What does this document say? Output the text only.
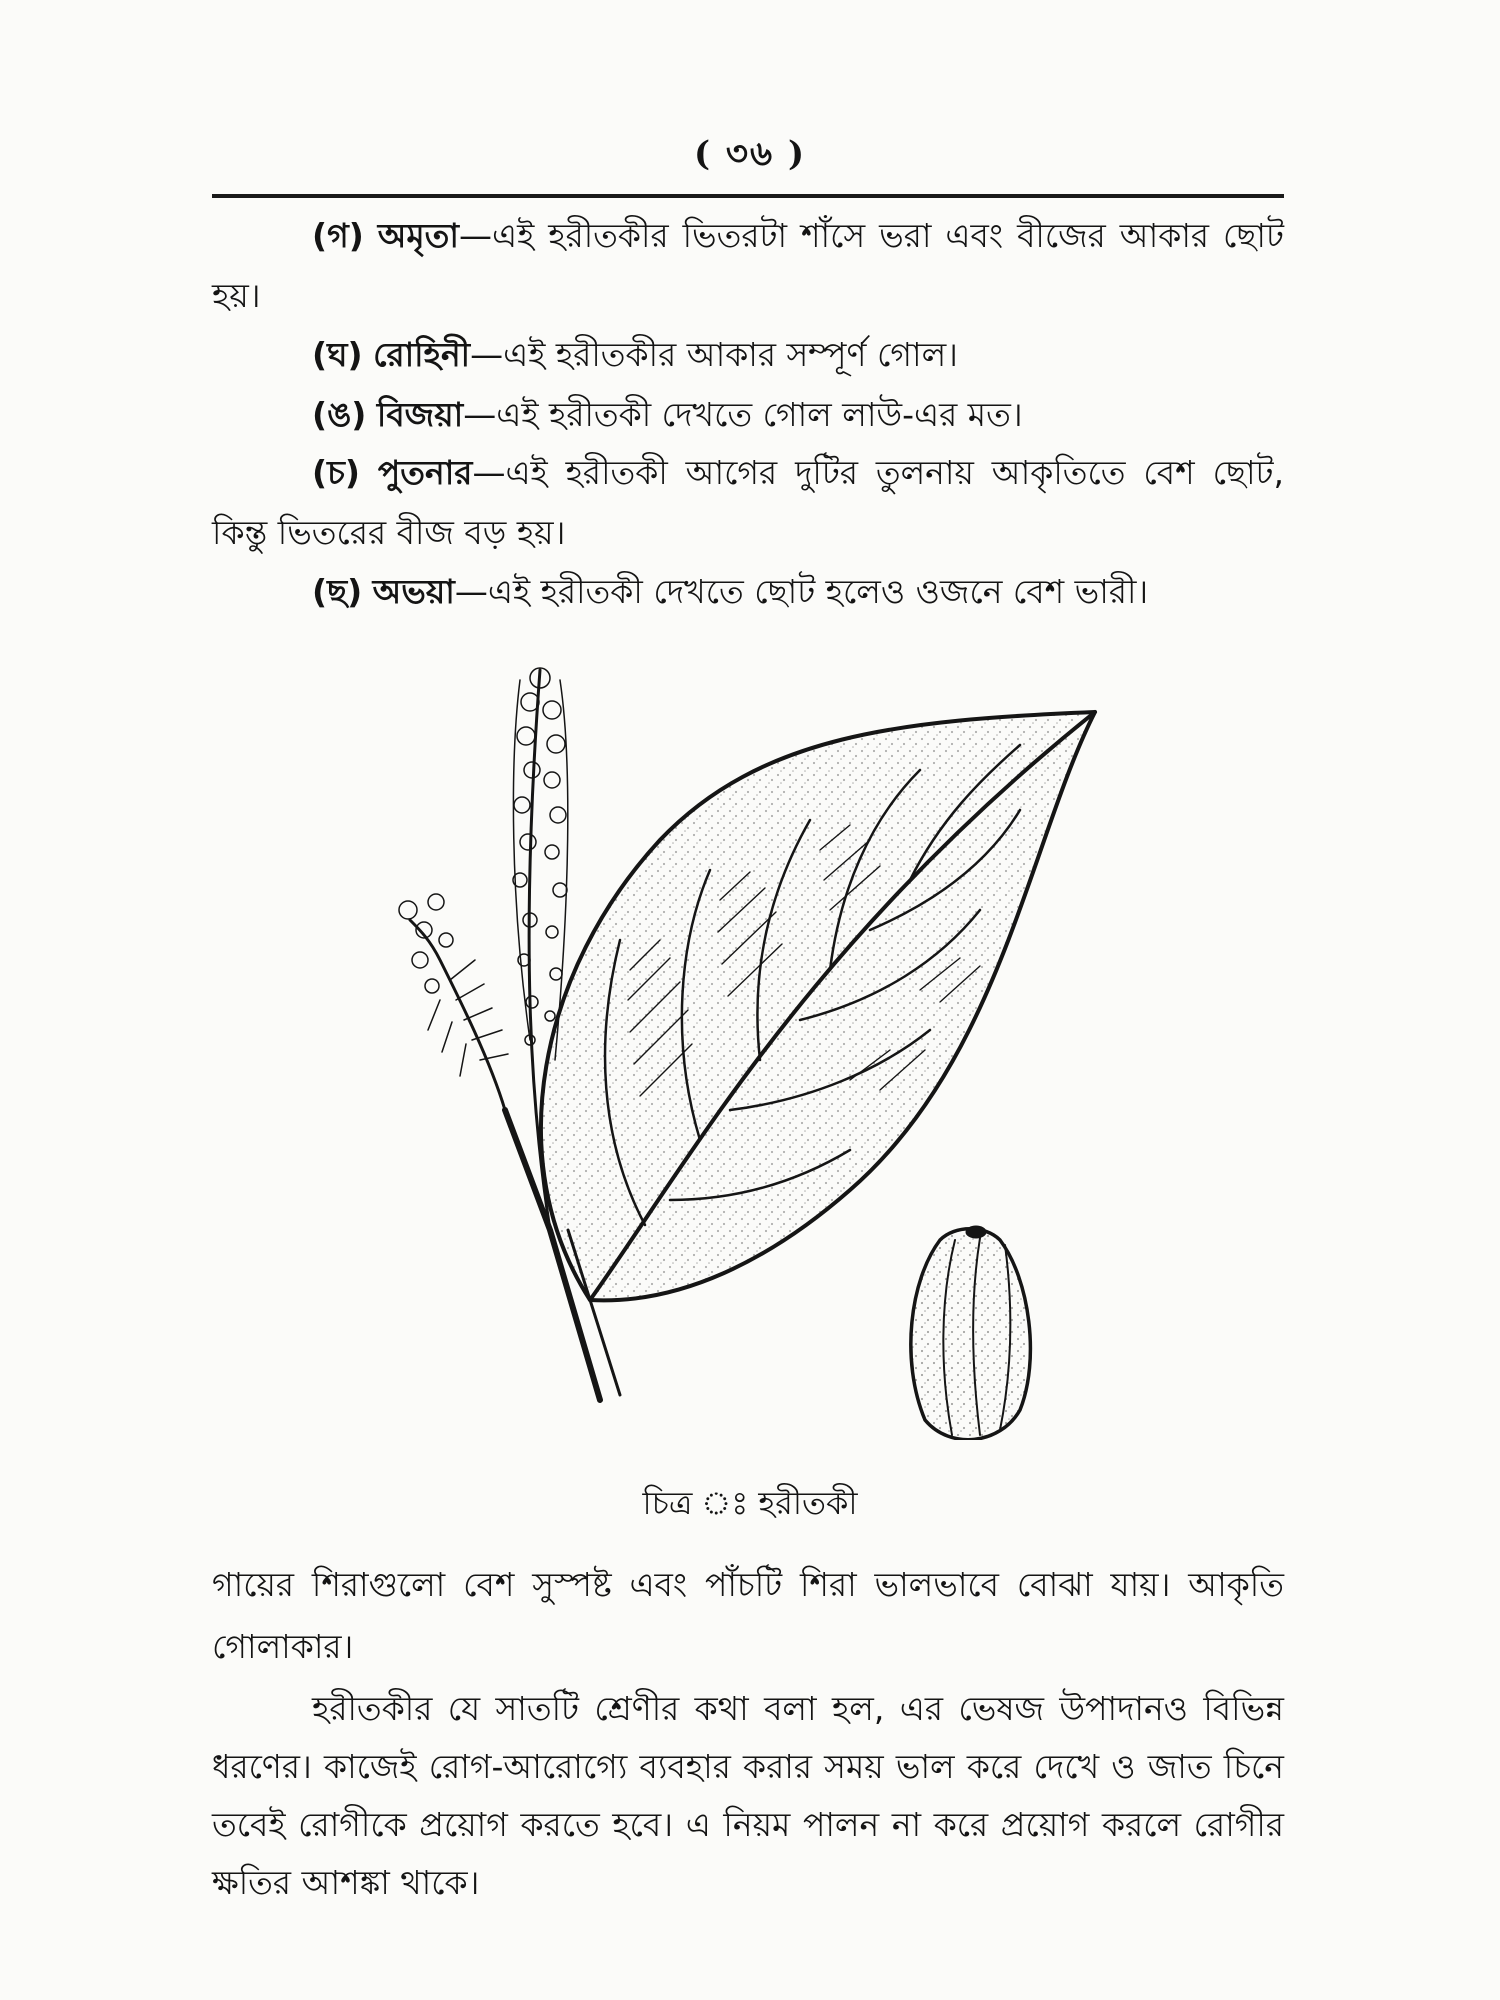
( ৩৬ )

(গ) অমৃতা—এই হরীতকীর ভিতরটা শাঁসে ভরা এবং বীজের আকার ছোট হয়।

(ঘ) রোহিনী—এই হরীতকীর আকার সম্পূর্ণ গোল।

(ঙ) বিজয়া—এই হরীতকী দেখতে গোল লাউ-এর মত।

(চ) পুতনার—এই হরীতকী আগের দুটির তুলনায় আকৃতিতে বেশ ছোট, কিন্তু ভিতরের বীজ বড় হয়।

(ছ) অভয়া—এই হরীতকী দেখতে ছোট হলেও ওজনে বেশ ভারী।

চিত্র ঃ হরীতকী

গায়ের শিরাগুলো বেশ সুস্পষ্ট এবং পাঁচটি শিরা ভালভাবে বোঝা যায়। আকৃতি গোলাকার।

হরীতকীর যে সাতটি শ্রেণীর কথা বলা হল, এর ভেষজ উপাদানও বিভিন্ন ধরণের। কাজেই রোগ-আরোগ্যে ব্যবহার করার সময় ভাল করে দেখে ও জাত চিনে তবেই রোগীকে প্রয়োগ করতে হবে। এ নিয়ম পালন না করে প্রয়োগ করলে রোগীর ক্ষতির আশঙ্কা থাকে।
